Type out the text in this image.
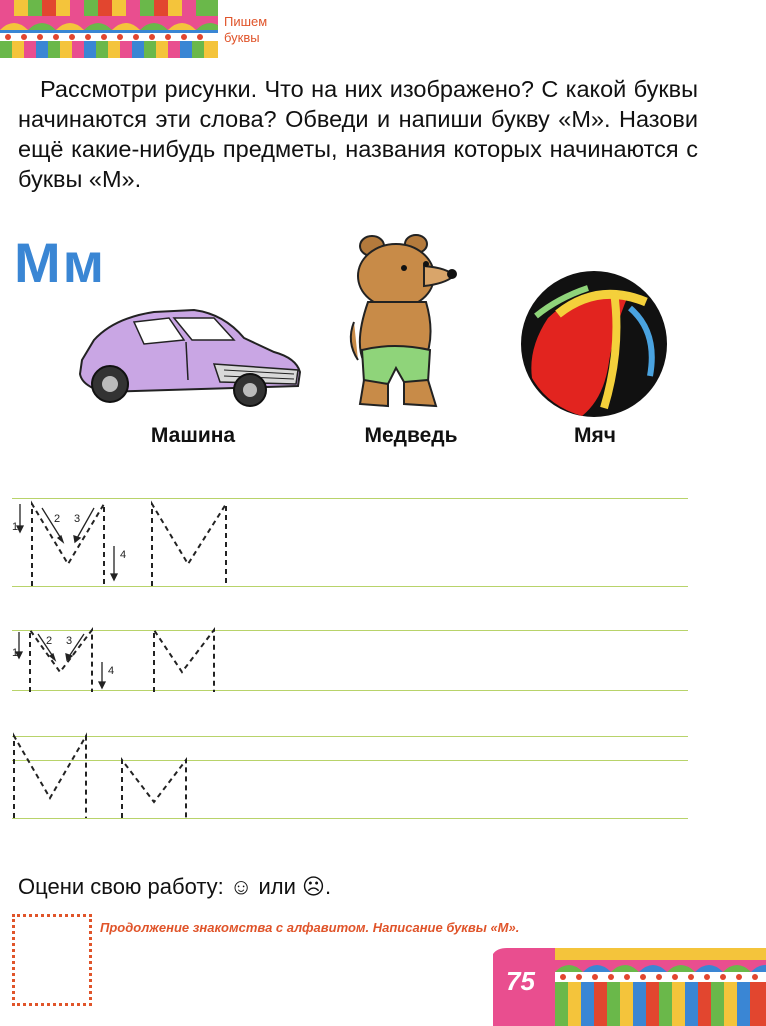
Пишем
буквы
Рассмотри рисунки. Что на них изображено? С какой буквы начинаются эти слова? Обведи и напиши букву «М». Назови ещё какие-нибудь предметы, названия которых начинаются с буквы «М».
Мм
Машина	Медведь	Мяч
1
2 3
4
1
2 3
4
Оцени свою работу: ☺ или ☹.
Продолжение знакомства с алфавитом. Написание буквы «М».
75
